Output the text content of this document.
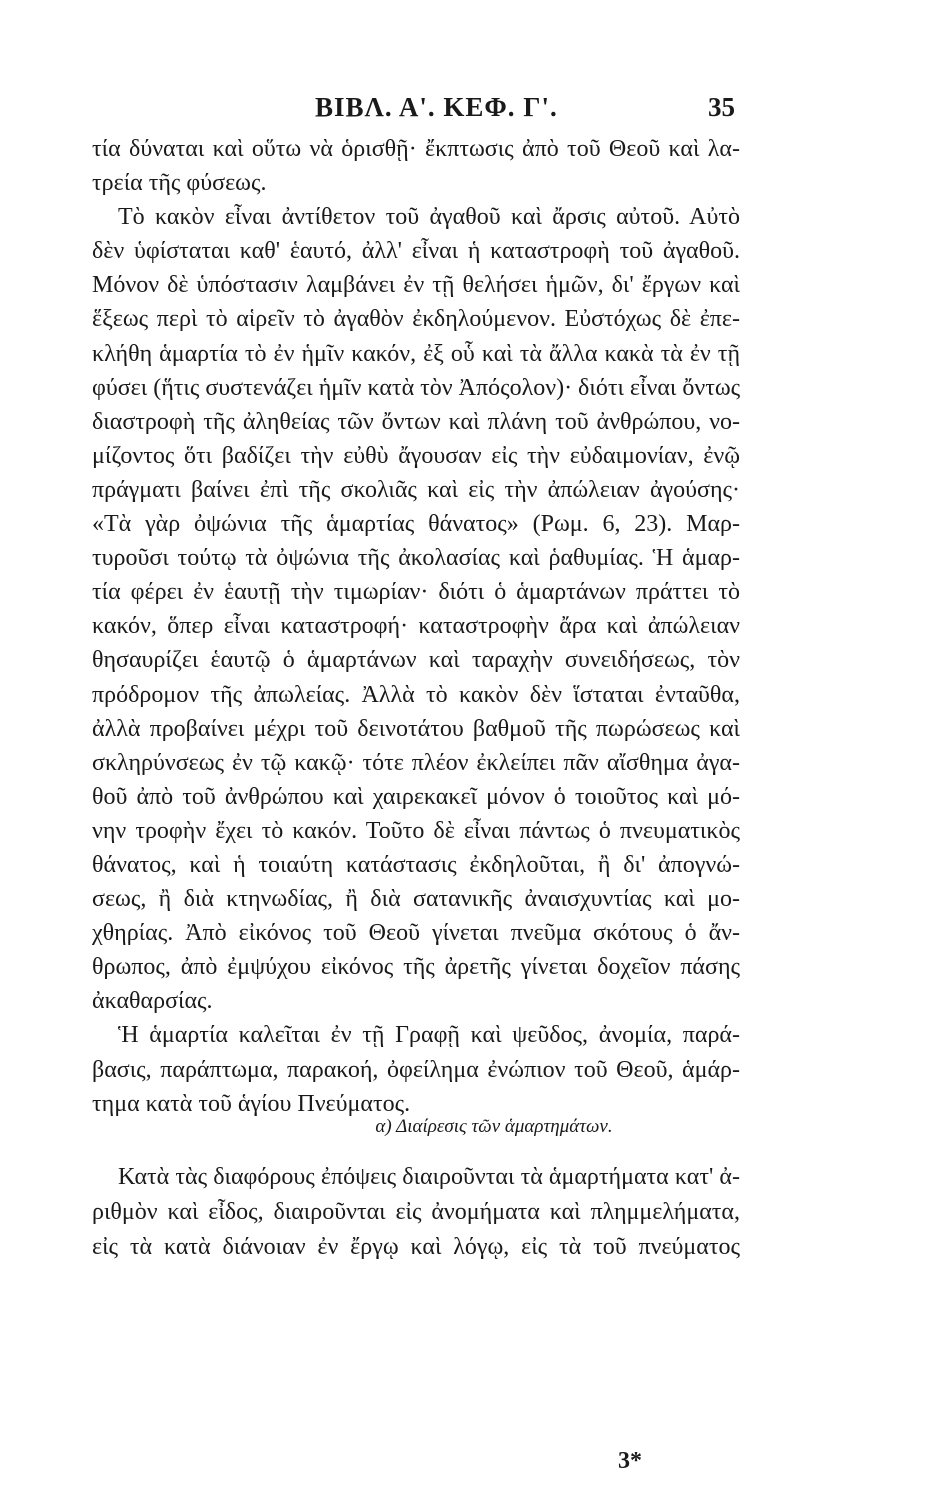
ΒΙΒΛ. Α'. ΚΕΦ. Γ'.	35
τία δύναται καὶ οὕτω νὰ ὁρισθῇ· ἔκπτωσις ἀπὸ τοῦ Θεοῦ καὶ λα-
τρεία τῆς φύσεως.
Τὸ κακὸν εἶναι ἀντίθετον τοῦ ἀγαθοῦ καὶ ἄρσις αὐτοῦ. Αὐτὸ
δὲν ὑφίσταται καθ' ἑαυτό, ἀλλ' εἶναι ἡ καταστροφὴ τοῦ ἀγαθοῦ.
Μόνον δὲ ὑπόστασιν λαμβάνει ἐν τῇ θελήσει ἡμῶν, δι' ἔργων καὶ
ἕξεως περὶ τὸ αἱρεῖν τὸ ἀγαθὸν ἐκδηλούμενον. Εὐστόχως δὲ ἐπε-
κλήθη ἁμαρτία τὸ ἐν ἡμῖν κακόν, ἐξ οὗ καὶ τὰ ἄλλα κακὰ τὰ ἐν τῇ
φύσει (ἥτις συστενάζει ἡμῖν κατὰ τὸν Ἀπόςολον)· διότι εἶναι ὄντως
διαστροφὴ τῆς ἀληθείας τῶν ὄντων καὶ πλάνη τοῦ ἀνθρώπου, νο-
μίζοντος ὅτι βαδίζει τὴν εὐθὺ ἄγουσαν εἰς τὴν εὐδαιμονίαν, ἐνῷ
πράγματι βαίνει ἐπὶ τῆς σκολιᾶς καὶ εἰς τὴν ἀπώλειαν ἀγούσης·
«Τὰ γὰρ ὀψώνια τῆς ἁμαρτίας θάνατος» (Ρωμ. 6, 23). Μαρ-
τυροῦσι τούτῳ τὰ ὀψώνια τῆς ἀκολασίας καὶ ῥαθυμίας. Ἡ ἁμαρ-
τία φέρει ἐν ἑαυτῇ τὴν τιμωρίαν· διότι ὁ ἁμαρτάνων πράττει τὸ
κακόν, ὅπερ εἶναι καταστροφή· καταστροφὴν ἄρα καὶ ἀπώλειαν
θησαυρίζει ἑαυτῷ ὁ ἁμαρτάνων καὶ ταραχὴν συνειδήσεως, τὸν
πρόδρομον τῆς ἀπωλείας. Ἀλλὰ τὸ κακὸν δὲν ἵσταται ἐνταῦθα,
ἀλλὰ προβαίνει μέχρι τοῦ δεινοτάτου βαθμοῦ τῆς πωρώσεως καὶ
σκληρύνσεως ἐν τῷ κακῷ· τότε πλέον ἐκλείπει πᾶν αἴσθημα ἀγα-
θοῦ ἀπὸ τοῦ ἀνθρώπου καὶ χαιρεκακεῖ μόνον ὁ τοιοῦτος καὶ μό-
νην τροφὴν ἔχει τὸ κακόν. Τοῦτο δὲ εἶναι πάντως ὁ πνευματικὸς
θάνατος, καὶ ἡ τοιαύτη κατάστασις ἐκδηλοῦται, ἢ δι' ἀπογνώ-
σεως, ἢ διὰ κτηνωδίας, ἢ διὰ σατανικῆς ἀναισχυντίας καὶ μο-
χθηρίας. Ἀπὸ εἰκόνος τοῦ Θεοῦ γίνεται πνεῦμα σκότους ὁ ἄν-
θρωπος, ἀπὸ ἐμψύχου εἰκόνος τῆς ἀρετῆς γίνεται δοχεῖον πάσης
ἀκαθαρσίας.
Ἡ ἁμαρτία καλεῖται ἐν τῇ Γραφῇ καὶ ψεῦδος, ἀνομία, παρά-
βασις, παράπτωμα, παρακοή, ὀφείλημα ἐνώπιον τοῦ Θεοῦ, ἁμάρ-
τημα κατὰ τοῦ ἁγίου Πνεύματος.
α) Διαίρεσις τῶν ἁμαρτημάτων.
Κατὰ τὰς διαφόρους ἐπόψεις διαιροῦνται τὰ ἁμαρτήματα κατ' ἀ-
ριθμὸν καὶ εἶδος, διαιροῦνται εἰς ἀνομήματα καὶ πλημμελήματα,
εἰς τὰ κατὰ διάνοιαν ἐν ἔργῳ καὶ λόγῳ, εἰς τὰ τοῦ πνεύματος
3*
